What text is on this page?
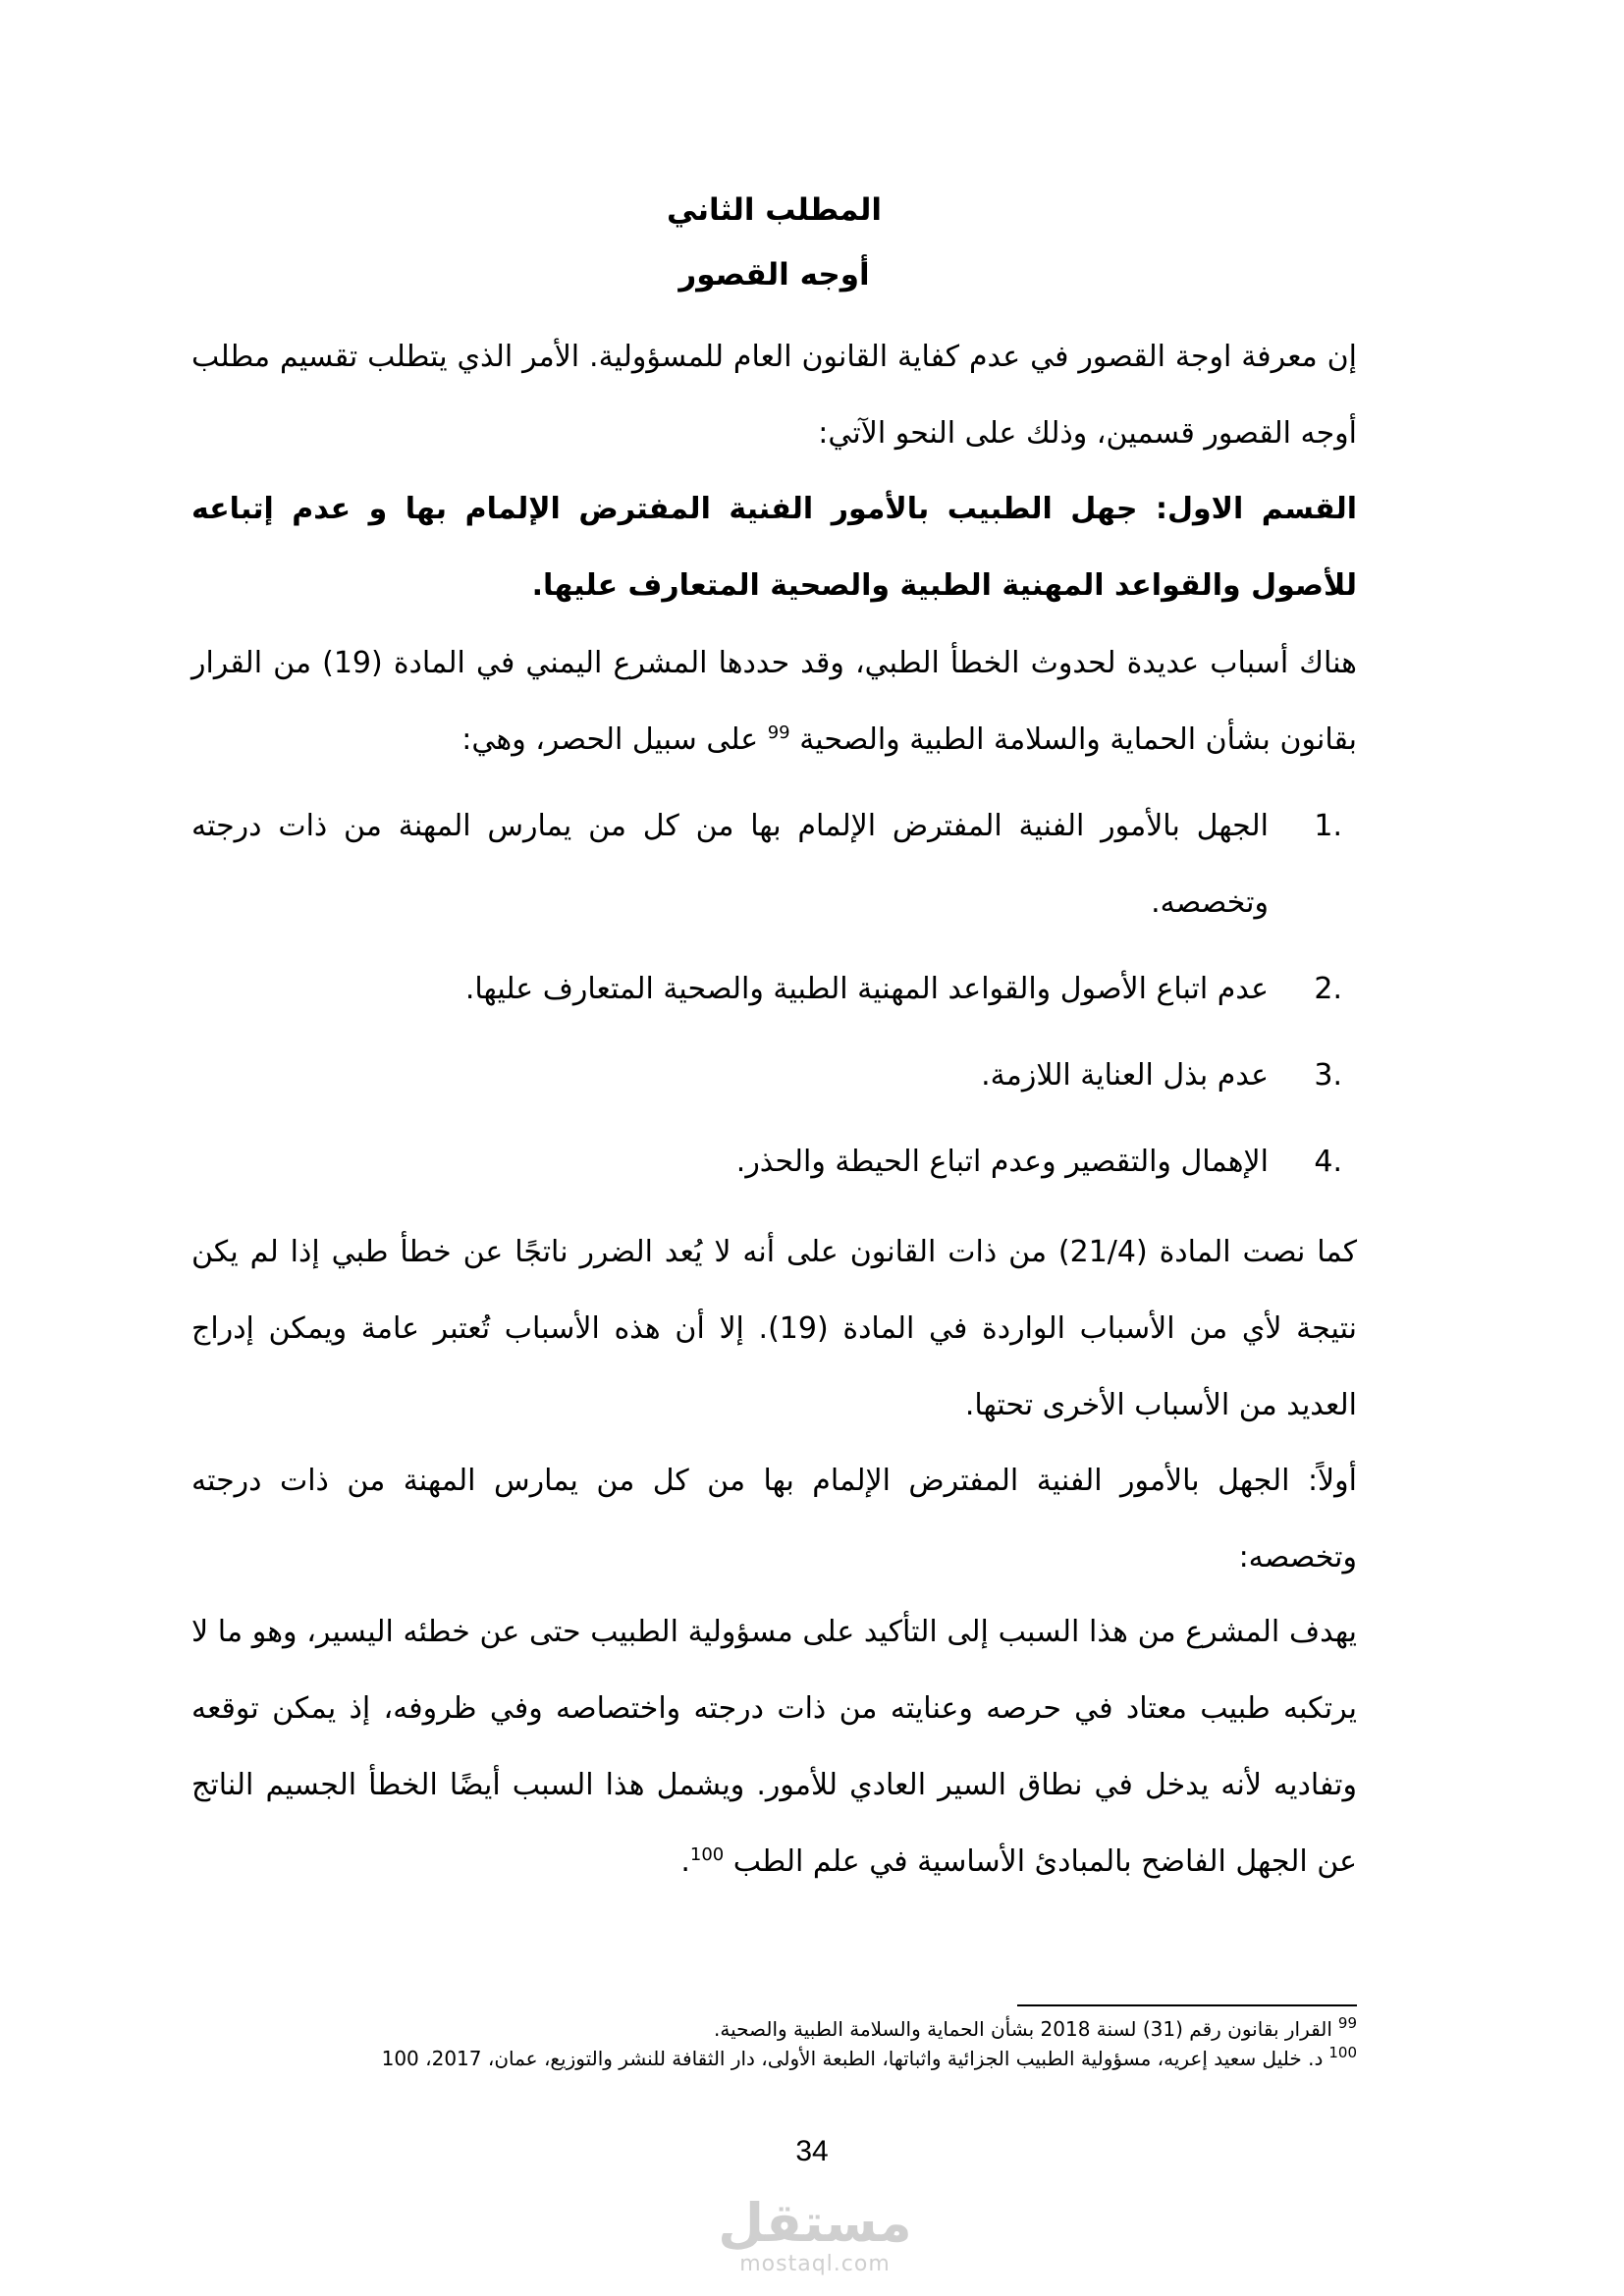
المطلب الثاني
أوجه القصور

إن معرفة اوجة القصور في عدم كفاية القانون العام للمسؤولية. الأمر الذي يتطلب تقسيم مطلب أوجه القصور قسمين، وذلك على النحو الآتي:

القسم الاول: جهل الطبيب بالأمور الفنية المفترض الإلمام بها و عدم إتباعه للأصول والقواعد المهنية الطبية والصحية المتعارف عليها.

هناك أسباب عديدة لحدوث الخطأ الطبي، وقد حددها المشرع اليمني في المادة (19) من القرار بقانون بشأن الحماية والسلامة الطبية والصحية $^{99}$ على سبيل الحصر، وهي:

1.
الجهل بالأمور الفنية المفترض الإلمام بها من كل من يمارس المهنة من ذات درجته وتخصصه.
2.
عدم اتباع الأصول والقواعد المهنية الطبية والصحية المتعارف عليها.
3.
عدم بذل العناية اللازمة.
4.
الإهمال والتقصير وعدم اتباع الحيطة والحذر.

كما نصت المادة (21/4) من ذات القانون على أنه لا يُعد الضرر ناتجًا عن خطأ طبي إذا لم يكن نتيجة لأي من الأسباب الواردة في المادة (19). إلا أن هذه الأسباب تُعتبر عامة ويمكن إدراج العديد من الأسباب الأخرى تحتها.

أولاً: الجهل بالأمور الفنية المفترض الإلمام بها من كل من يمارس المهنة من ذات درجته وتخصصه:

يهدف المشرع من هذا السبب إلى التأكيد على مسؤولية الطبيب حتى عن خطئه اليسير، وهو ما لا يرتكبه طبيب معتاد في حرصه وعنايته من ذات درجته واختصاصه وفي ظروفه، إذ يمكن توقعه وتفاديه لأنه يدخل في نطاق السير العادي للأمور. ويشمل هذا السبب أيضًا الخطأ الجسيم الناتج عن الجهل الفاضح بالمبادئ الأساسية في علم الطب $^{100}$.

$^{99}$القرار بقانون رقم (31) لسنة 2018 بشأن الحماية والسلامة الطبية والصحية.

$^{100}$د. خليل سعيد إعريه، مسؤولية الطبيب الجزائية واثباتها، الطبعة الأولى، دار الثقافة للنشر والتوزيع، عمان، 2017، 100

34
مستقل
mostaql.com
